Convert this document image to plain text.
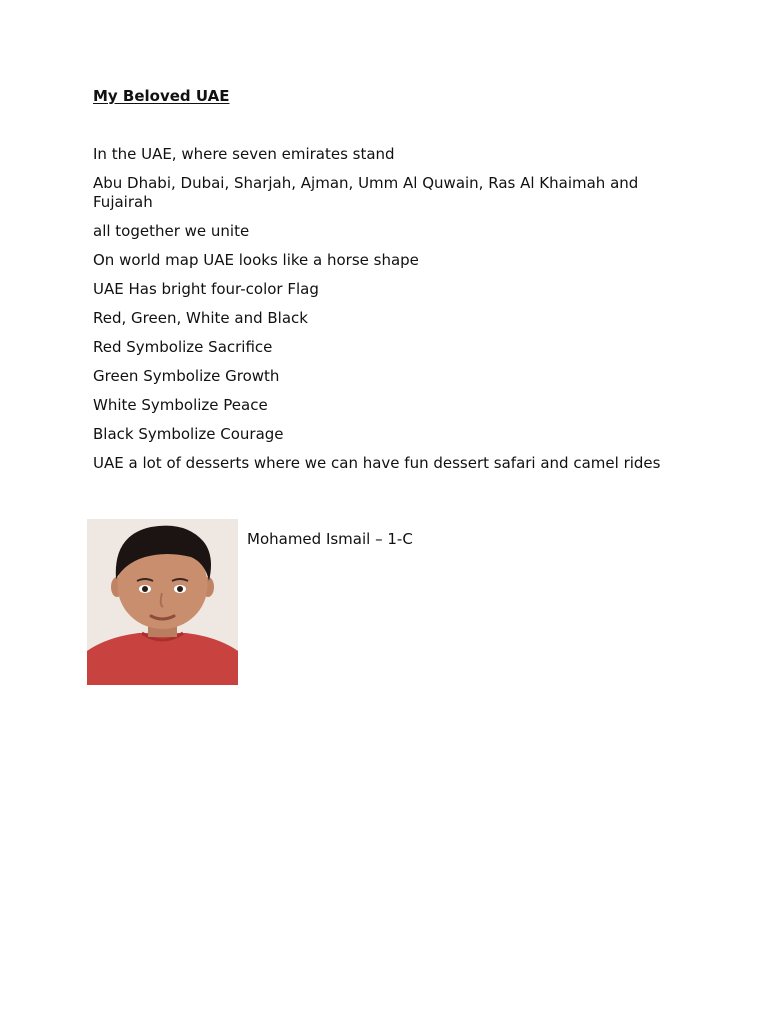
My Beloved UAE

In the UAE, where seven emirates stand

Abu Dhabi, Dubai, Sharjah, Ajman, Umm Al Quwain, Ras Al Khaimah and Fujairah

all together we unite

On world map UAE looks like a horse shape

UAE Has bright four-color Flag

Red, Green, White and Black

Red Symbolize Sacrifice

Green Symbolize Growth

White Symbolize Peace

Black Symbolize Courage

UAE a lot of desserts where we can have fun dessert safari and camel rides

Mohamed Ismail – 1-C
